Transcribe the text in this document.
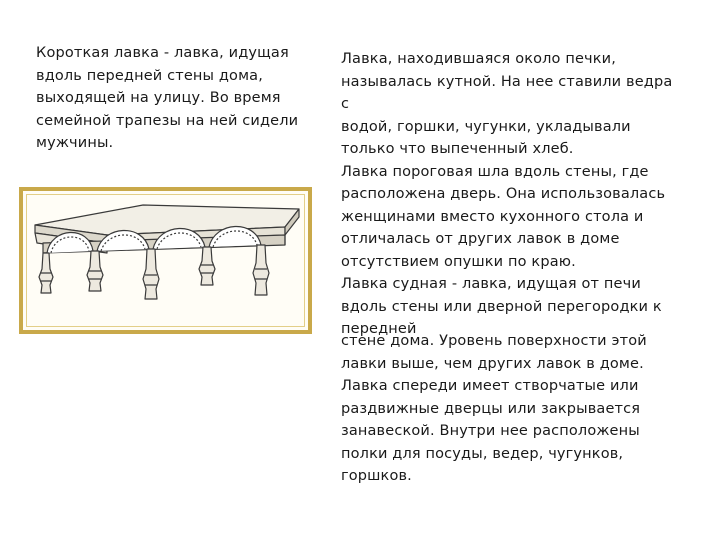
Короткая лавка - лавка, идущая
вдоль передней стены дома,
выходящей на улицу. Во время
семейной трапезы на ней сидели
мужчины.
Лавка, находившаяся около печки,
называлась кутной. На нее ставили ведра с
водой, горшки, чугунки, укладывали
только что выпеченный хлеб.
Лавка пороговая шла вдоль стены, где
расположена дверь. Она использовалась
женщинами вместо кухонного стола и
отличалась от других лавок в доме
отсутствием опушки по краю.
Лавка судная - лавка, идущая от печи
вдоль стены или дверной перегородки к
передней
стене дома. Уровень поверхности этой
лавки выше, чем других лавок в доме.
Лавка спереди имеет створчатые или
раздвижные дверцы или закрывается
занавеской. Внутри нее расположены
полки для посуды, ведер, чугунков,
горшков.
